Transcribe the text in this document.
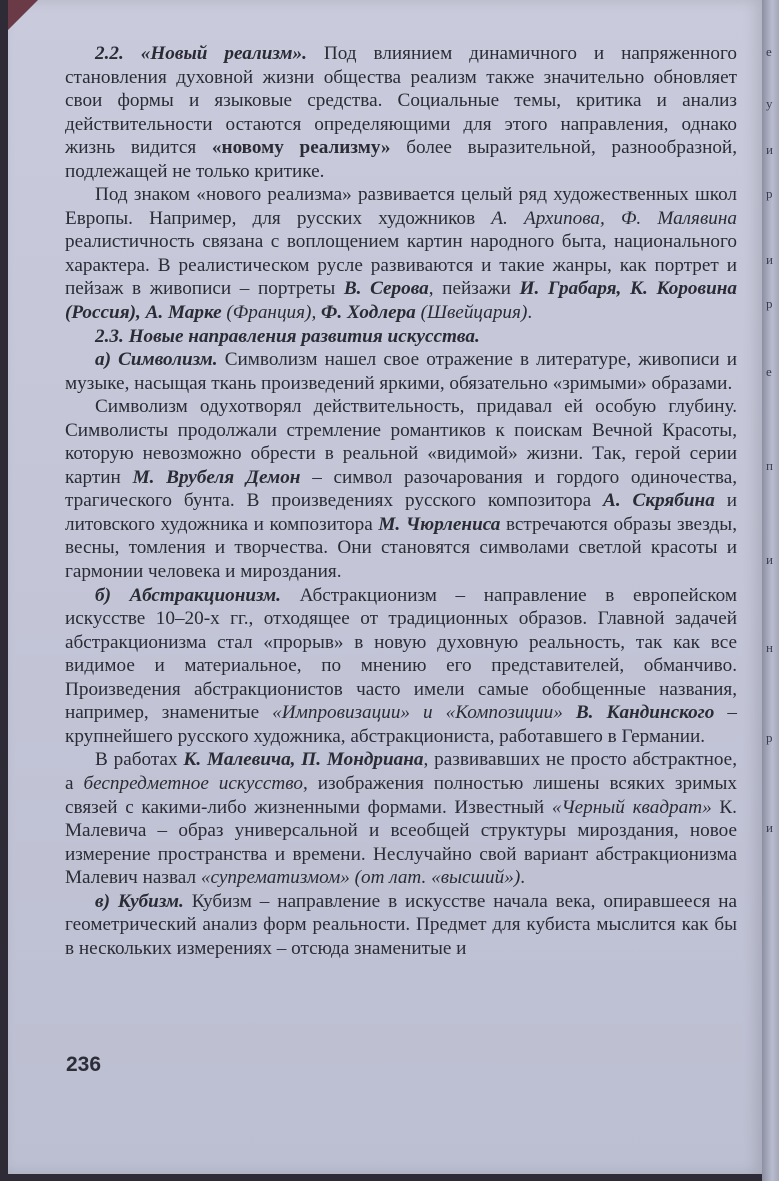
2.2. «Новый реализм». Под влиянием динамичного и напряженного становления духовной жизни общества реализм также значительно обновляет свои формы и языковые средства. Социальные темы, критика и анализ действительности остаются определяющими для этого направления, однако жизнь видится «новому реализму» более выразительной, разнообразной, подлежащей не только критике.

Под знаком «нового реализма» развивается целый ряд художественных школ Европы. Например, для русских художников А. Архипова, Ф. Малявина реалистичность связана с воплощением картин народного быта, национального характера. В реалистическом русле развиваются и такие жанры, как портрет и пейзаж в живописи – портреты В. Серова, пейзажи И. Грабаря, К. Коровина (Россия), А. Марке (Франция), Ф. Ходлера (Швейцария).

2.3. Новые направления развития искусства.

а) Символизм. Символизм нашел свое отражение в литературе, живописи и музыке, насыщая ткань произведений яркими, обязательно «зримыми» образами.

Символизм одухотворял действительность, придавал ей особую глубину. Символисты продолжали стремление романтиков к поискам Вечной Красоты, которую невозможно обрести в реальной «видимой» жизни. Так, герой серии картин М. Врубеля Демон – символ разочарования и гордого одиночества, трагического бунта. В произведениях русского композитора А. Скрябина и литовского художника и композитора М. Чюрлениса встречаются образы звезды, весны, томления и творчества. Они становятся символами светлой красоты и гармонии человека и мироздания.

б) Абстракционизм. Абстракционизм – направление в европейском искусстве 10–20-х гг., отходящее от традиционных образов. Главной задачей абстракционизма стал «прорыв» в новую духовную реальность, так как все видимое и материальное, по мнению его представителей, обманчиво. Произведения абстракционистов часто имели самые обобщенные названия, например, знаменитые «Импровизации» и «Композиции» В. Кандинского – крупнейшего русского художника, абстракциониста, работавшего в Германии.

В работах К. Малевича, П. Мондриана, развивавших не просто абстрактное, а беспредметное искусство, изображения полностью лишены всяких зримых связей с какими-либо жизненными формами. Известный «Черный квадрат» К. Малевича – образ универсальной и всеобщей структуры мироздания, новое измерение пространства и времени. Неслучайно свой вариант абстракционизма Малевич назвал «супрематизмом» (от лат. «высший»).

в) Кубизм. Кубизм – направление в искусстве начала века, опиравшееся на геометрический анализ форм реальности. Предмет для кубиста мыслится как бы в нескольких измерениях – отсюда знаменитые и

236
e
у
и
р
и
р
е
п
и
н
р
и
